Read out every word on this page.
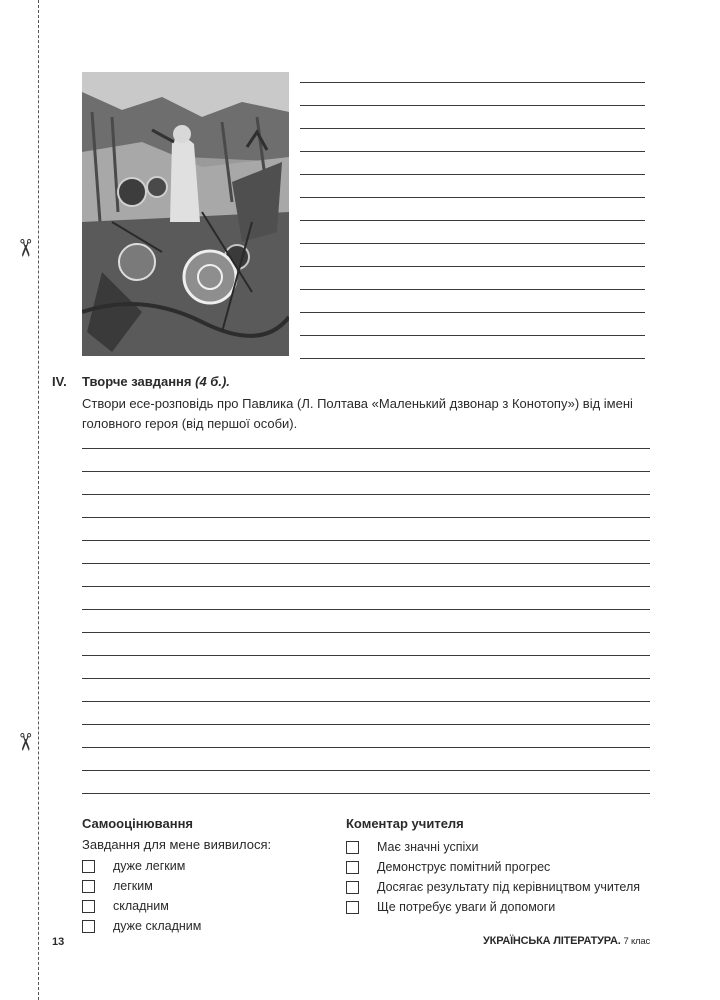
✂
✂
IV. Творче завдання (4 б.).
Створи есе-розповідь про Павлика (Л. Полтава «Маленький дзвонар з Конотопу») від імені головного героя (від першої особи).
Самооцінювання
Завдання для мене виявилося:
дуже легким
легким
складним
дуже складним
Коментар учителя
Має значні успіхи
Демонструє помітний прогрес
Досягає результату під керівництвом учителя
Ще потребує уваги й допомоги
13	УКРАЇНСЬКА ЛІТЕРАТУРА. 7 клас
